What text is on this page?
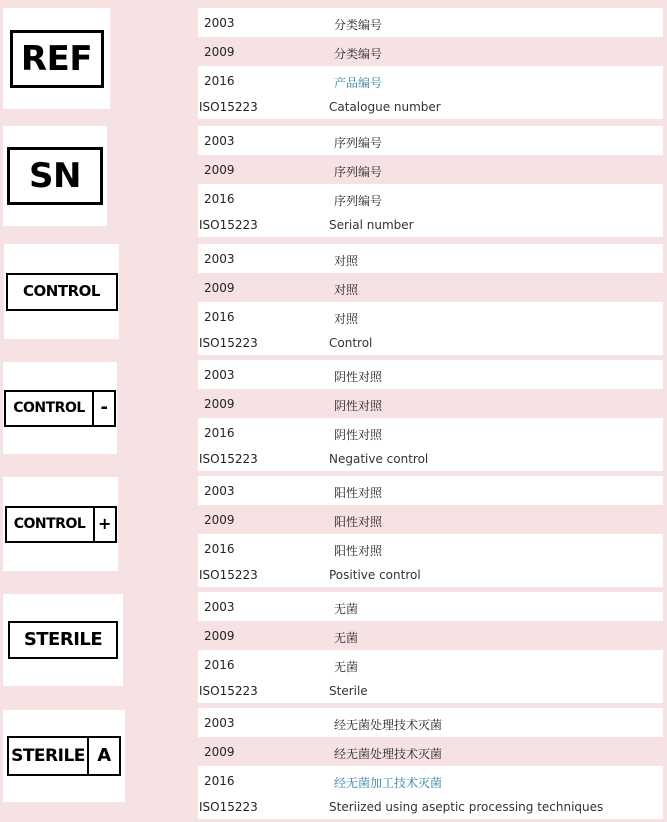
REF
SN
CONTROL
CONTROL -
CONTROL +
STERILE
STERILE A
2003	分类编号
2009	分类编号
2016	产品编号
ISO15223	Catalogue number
2003	序列编号
2009	序列编号
2016	序列编号
ISO15223	Serial number
2003	对照
2009	对照
2016	对照
ISO15223	Control
2003	阴性对照
2009	阴性对照
2016	阴性对照
ISO15223	Negative control
2003	阳性对照
2009	阳性对照
2016	阳性对照
ISO15223	Positive control
2003	无菌
2009	无菌
2016	无菌
ISO15223	Sterile
2003	经无菌处理技术灭菌
2009	经无菌处理技术灭菌
2016	经无菌加工技术灭菌
ISO15223	Steriized using aseptic processing techniques
